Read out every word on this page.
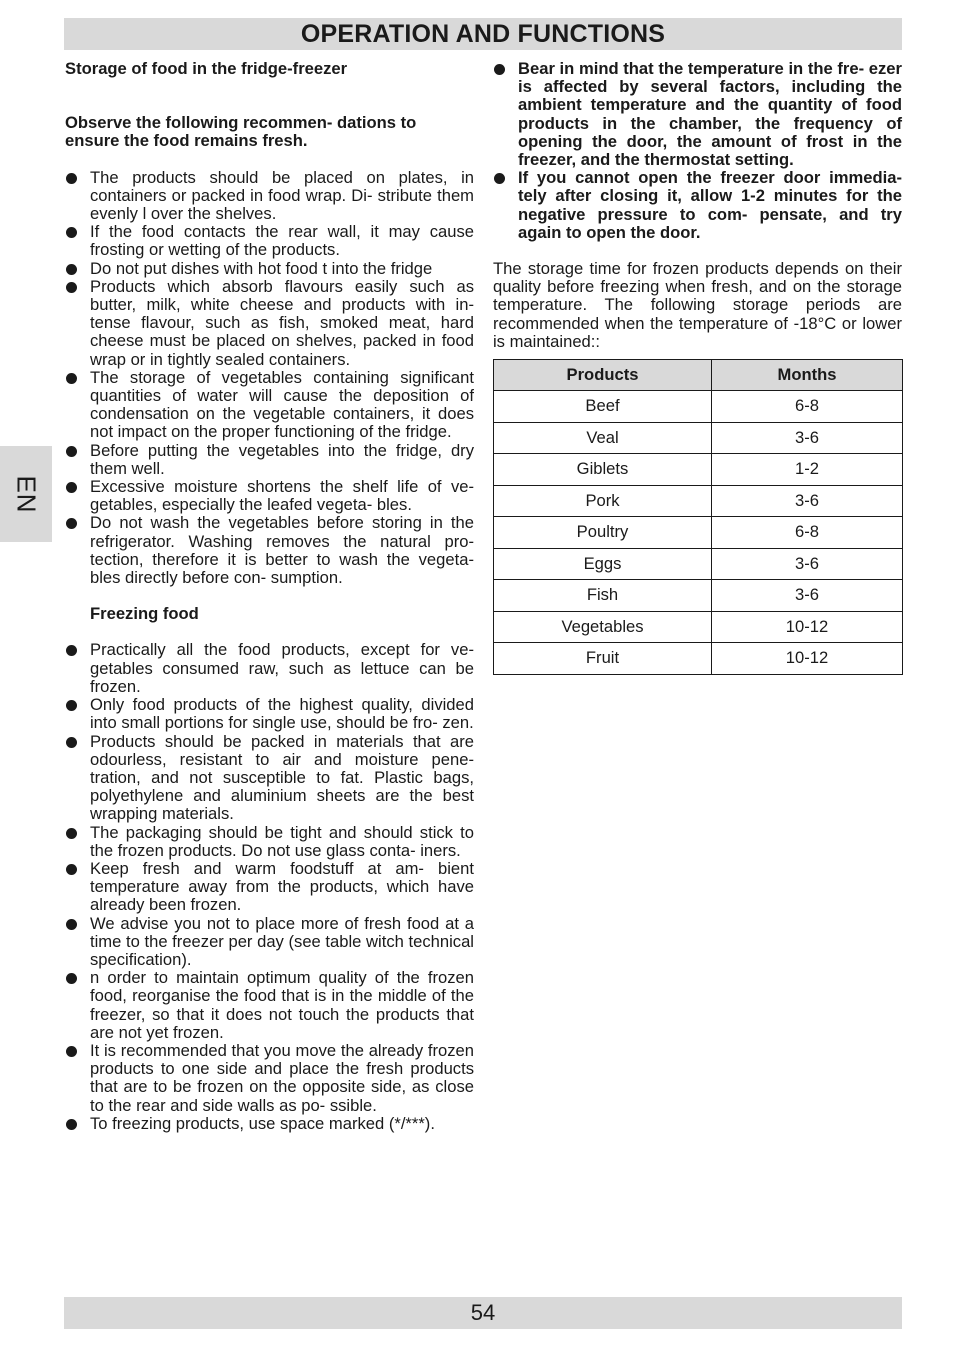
OPERATION AND FUNCTIONS
EN

Storage of food in the fridge-freezer

Observe the following recommen- dations to ensure the food remains fresh.

The products should be placed on plates, in containers or packed in food wrap. Di- stribute them evenly l over the shelves.
If the food contacts the rear wall, it may cause frosting or wetting of the products.
Do not put dishes with hot food t into the fridge
Products which absorb flavours easily such as butter, milk, white cheese and products with in- tense flavour, such as fish, smoked meat, hard cheese must be placed on shelves, packed in food wrap or in tightly sealed containers.
The storage of vegetables containing significant quantities of water will cause the deposition of condensation on the vegetable containers, it does not impact on the proper functioning of the fridge.
Before putting the vegetables into the fridge, dry them well.
Excessive moisture shortens the shelf life of ve- getables, especially the leafed vegeta- bles.
Do not wash the vegetables before storing in the refrigerator. Washing removes the natural pro- tection, therefore it is better to wash the vegeta- bles directly before con- sumption.

Freezing food

Practically all the food products, except for ve- getables consumed raw, such as lettuce can be frozen.
Only food products of the highest quality, divided into small portions for single use, should be fro- zen.
Products should be packed in materials that are odourless, resistant to air and moisture pene- tration, and not susceptible to fat. Plastic bags, polyethylene and aluminium sheets are the best wrapping materials.
The packaging should be tight and should stick to the frozen products. Do not use glass conta- iners.
Keep fresh and warm foodstuff at am- bient temperature away from the products, which have already been frozen.
We advise you not to place more of fresh food at a time to the freezer per day (see table witch technical specification).
n order to maintain optimum quality of the frozen food, reorganise the food that is in the middle of the freezer, so that it does not touch the products that are not yet frozen.
It is recommended that you move the already frozen products to one side and place the fresh products that are to be frozen on the opposite side, as close to the rear and side walls as po- ssible.
To freezing products, use space marked (*/***).
Bear in mind that the temperature in the fre- ezer is affected by several factors, including the ambient temperature and the quantity of food products in the chamber, the frequency of opening the door, the amount of frost in the freezer, and the thermostat setting.
If you cannot open the freezer door immedia- tely after closing it, allow 1-2 minutes for the negative pressure to com- pensate, and try again to open the door.

The storage time for frozen products depends on their quality before freezing when fresh, and on the storage temperature. The following storage periods are recommended when the temperature of -18°C or lower is maintained::

Products	Months
Beef	6-8
Veal	3-6
Giblets	1-2
Pork	3-6
Poultry	6-8
Eggs	3-6
Fish	3-6
Vegetables	10-12
Fruit	10-12
54
